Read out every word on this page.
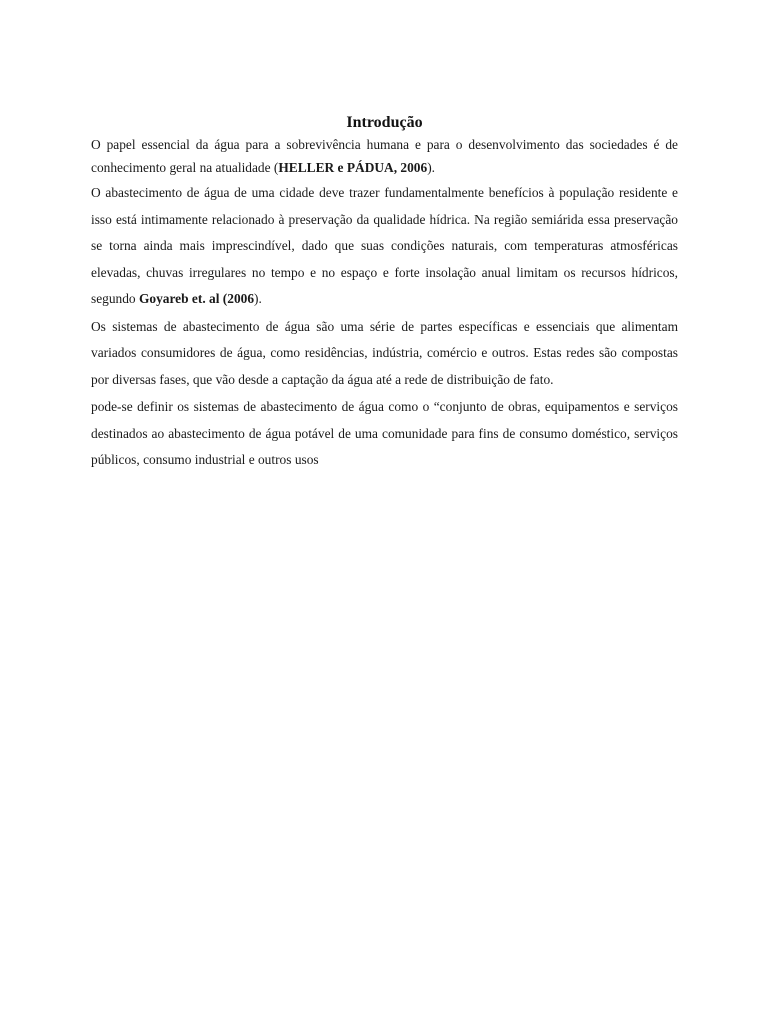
Introdução

O papel essencial da água para a sobrevivência humana e para o desenvolvimento das sociedades é de conhecimento geral na atualidade (HELLER e PÁDUA, 2006).

O abastecimento de água de uma cidade deve trazer fundamentalmente benefícios à população residente e isso está intimamente relacionado à preservação da qualidade hídrica. Na região semiárida essa preservação se torna ainda mais imprescindível, dado que suas condições naturais, com temperaturas atmosféricas elevadas, chuvas irregulares no tempo e no espaço e forte insolação anual limitam os recursos hídricos, segundo Goyareb et. al (2006).

Os sistemas de abastecimento de água são uma série de partes específicas e essenciais que alimentam variados consumidores de água, como residências, indústria, comércio e outros. Estas redes são compostas por diversas fases, que vão desde a captação da água até a rede de distribuição de fato.

pode-se definir os sistemas de abastecimento de água como o “conjunto de obras, equipamentos e serviços destinados ao abastecimento de água potável de uma comunidade para fins de consumo doméstico, serviços públicos, consumo industrial e outros usos
